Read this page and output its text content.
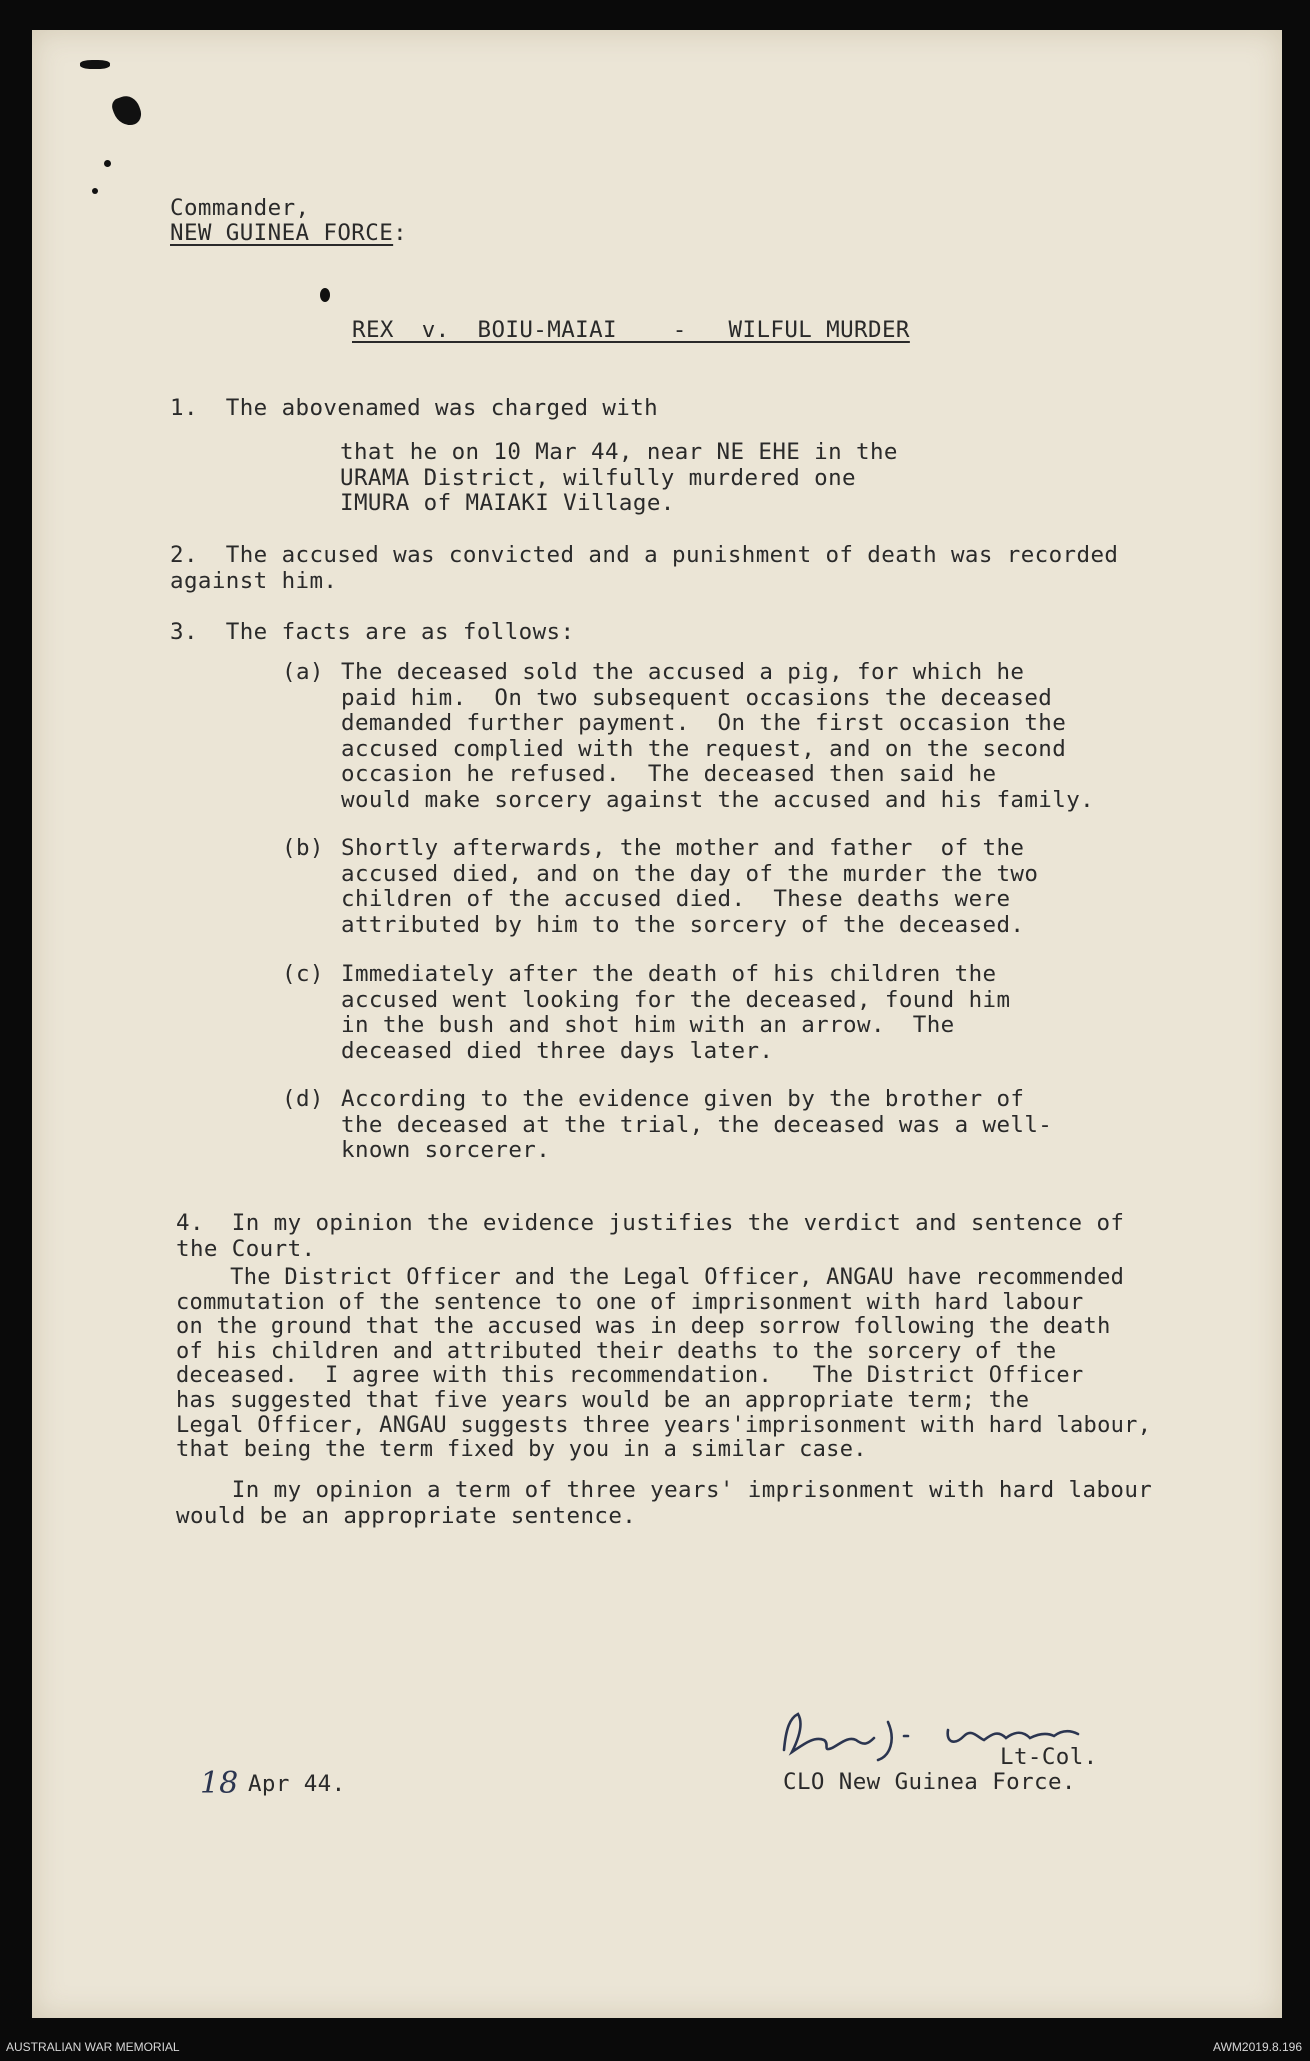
Commander,

NEW GUINEA FORCE:

REX  v.  BOIU-MAIAI    -   WILFUL MURDER

1.  The abovenamed was charged with

that he on 10 Mar 44, near NE EHE in the
URAMA District, wilfully murdered one
IMURA of MAIAKI Village.

2.  The accused was convicted and a punishment of death was recorded
against him.

3.  The facts are as follows:

(a) The deceased sold the accused a pig, for which he
paid him.  On two subsequent occasions the deceased
demanded further payment.  On the first occasion the
accused complied with the request, and on the second
occasion he refused.  The deceased then said he
would make sorcery against the accused and his family.

(b) Shortly afterwards, the mother and father  of the
accused died, and on the day of the murder the two
children of the accused died.  These deaths were
attributed by him to the sorcery of the deceased.

(c) Immediately after the death of his children the
accused went looking for the deceased, found him
in the bush and shot him with an arrow.  The
deceased died three days later.

(d) According to the evidence given by the brother of
the deceased at the trial, the deceased was a well-
known sorcerer.

4.  In my opinion the evidence justifies the verdict and sentence of
the Court.

The District Officer and the Legal Officer, ANGAU have recommended
commutation of the sentence to one of imprisonment with hard labour
on the ground that the accused was in deep sorrow following the death
of his children and attributed their deaths to the sorcery of the
deceased.  I agree with this recommendation.   The District Officer
has suggested that five years would be an appropriate term; the
Legal Officer, ANGAU suggests three years'imprisonment with hard labour,
that being the term fixed by you in a similar case.

In my opinion a term of three years' imprisonment with hard labour
would be an appropriate sentence.

Lt-Col.

18

Apr 44.	CLO New Guinea Force.

AUSTRALIAN WAR MEMORIAL	AWM2019.8.196
